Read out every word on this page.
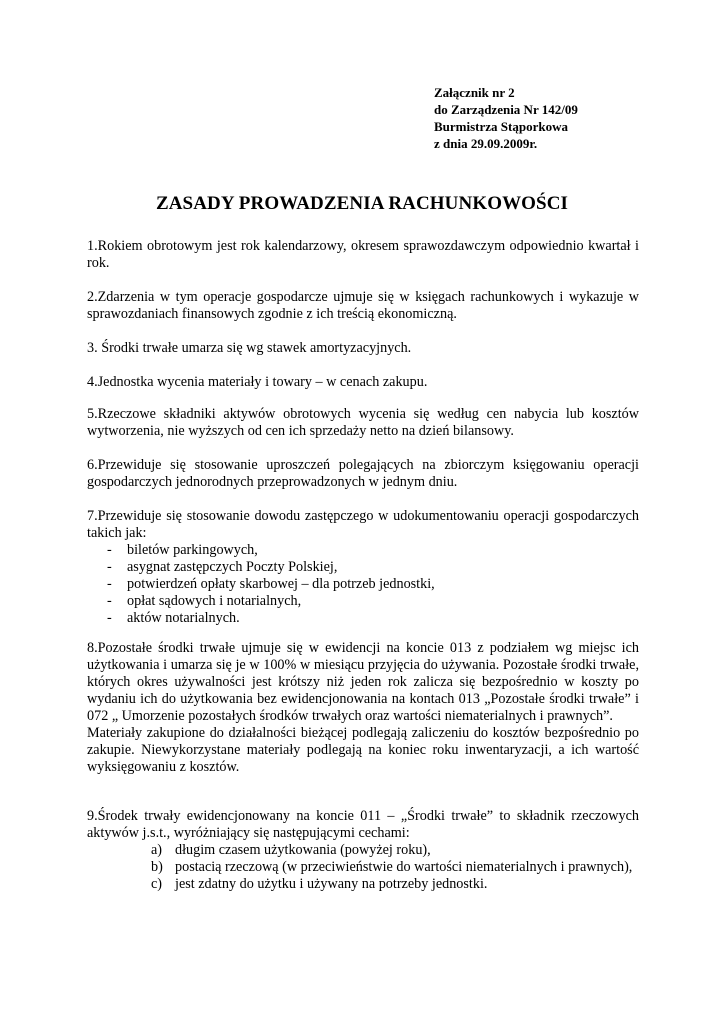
Załącznik nr 2
do Zarządzenia Nr 142/09
Burmistrza Stąporkowa
z dnia 29.09.2009r.
ZASADY PROWADZENIA RACHUNKOWOŚCI

1.Rokiem obrotowym jest rok kalendarzowy, okresem sprawozdawczym odpowiednio kwartał i rok.

2.Zdarzenia w tym operacje gospodarcze ujmuje się w księgach rachunkowych i wykazuje w sprawozdaniach finansowych zgodnie z ich treścią ekonomiczną.

3. Środki trwałe umarza się wg stawek amortyzacyjnych.

4.Jednostka wycenia materiały i towary – w cenach zakupu.

5.Rzeczowe składniki aktywów obrotowych wycenia się według cen nabycia lub kosztów wytworzenia, nie wyższych od cen ich sprzedaży netto na dzień bilansowy.

6.Przewiduje się stosowanie uproszczeń polegających na zbiorczym księgowaniu operacji gospodarczych jednorodnych przeprowadzonych w jednym dniu.

7.Przewiduje się stosowanie dowodu zastępczego w udokumentowaniu operacji gospodarczych takich jak:

- biletów parkingowych,
- asygnat zastępczych Poczty Polskiej,
- potwierdzeń opłaty skarbowej – dla potrzeb jednostki,
- opłat sądowych i notarialnych,
- aktów notarialnych.

8.Pozostałe środki trwałe ujmuje się w ewidencji na koncie 013 z podziałem wg miejsc ich użytkowania i umarza się je w 100% w miesiącu przyjęcia do używania. Pozostałe środki trwałe, których okres używalności jest krótszy niż jeden rok zalicza się bezpośrednio w koszty po wydaniu ich do użytkowania bez ewidencjonowania na kontach 013 „Pozostałe środki trwałe” i 072 „ Umorzenie pozostałych środków trwałych oraz wartości niematerialnych i prawnych”.

Materiały zakupione do działalności bieżącej podlegają zaliczeniu do kosztów bezpośrednio po zakupie. Niewykorzystane materiały podlegają na koniec roku inwentaryzacji, a ich wartość wyksięgowaniu z kosztów.

9.Środek trwały ewidencjonowany na koncie 011 – „Środki trwałe” to składnik rzeczowych aktywów j.s.t., wyróżniający się następującymi cechami:

a) długim czasem użytkowania (powyżej roku),
b) postacią rzeczową (w przeciwieństwie do wartości niematerialnych i prawnych),
c) jest zdatny do użytku i używany na potrzeby jednostki.
